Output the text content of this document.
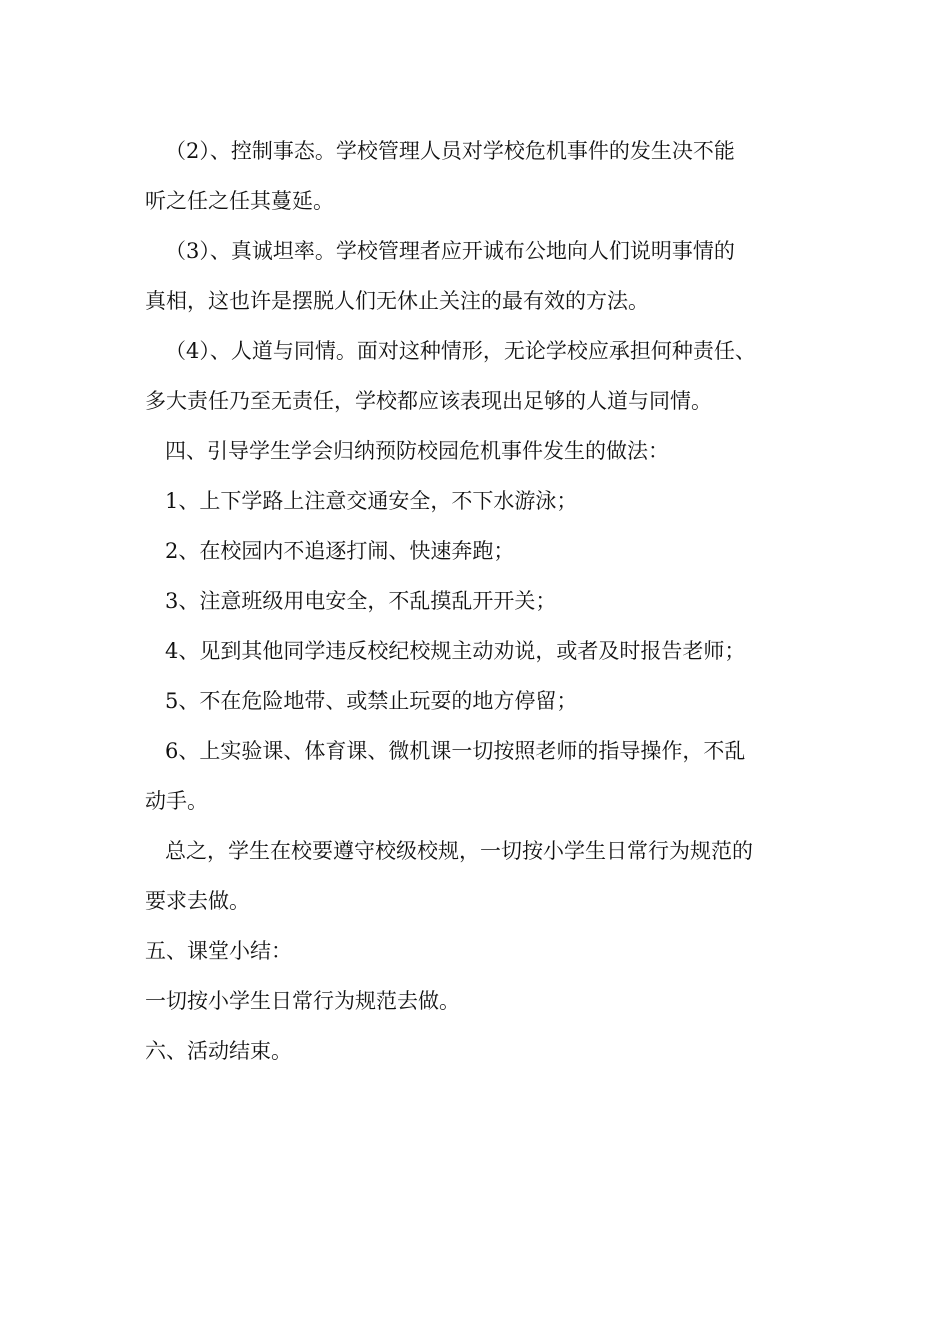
（2）、控制事态。学校管理人员对学校危机事件的发生决不能
听之任之任其蔓延。
（3）、真诚坦率。学校管理者应开诚布公地向人们说明事情的
真相，这也许是摆脱人们无休止关注的最有效的方法。
（4）、人道与同情。面对这种情形，无论学校应承担何种责任、
多大责任乃至无责任，学校都应该表现出足够的人道与同情。
四、引导学生学会归纳预防校园危机事件发生的做法：
1、上下学路上注意交通安全，不下水游泳；
2、在校园内不追逐打闹、快速奔跑；
3、注意班级用电安全，不乱摸乱开开关；
4、见到其他同学违反校纪校规主动劝说，或者及时报告老师；
5、不在危险地带、或禁止玩耍的地方停留；
6、上实验课、体育课、微机课一切按照老师的指导操作，不乱
动手。
总之，学生在校要遵守校级校规，一切按小学生日常行为规范的
要求去做。
五、课堂小结：
一切按小学生日常行为规范去做。
六、活动结束。
